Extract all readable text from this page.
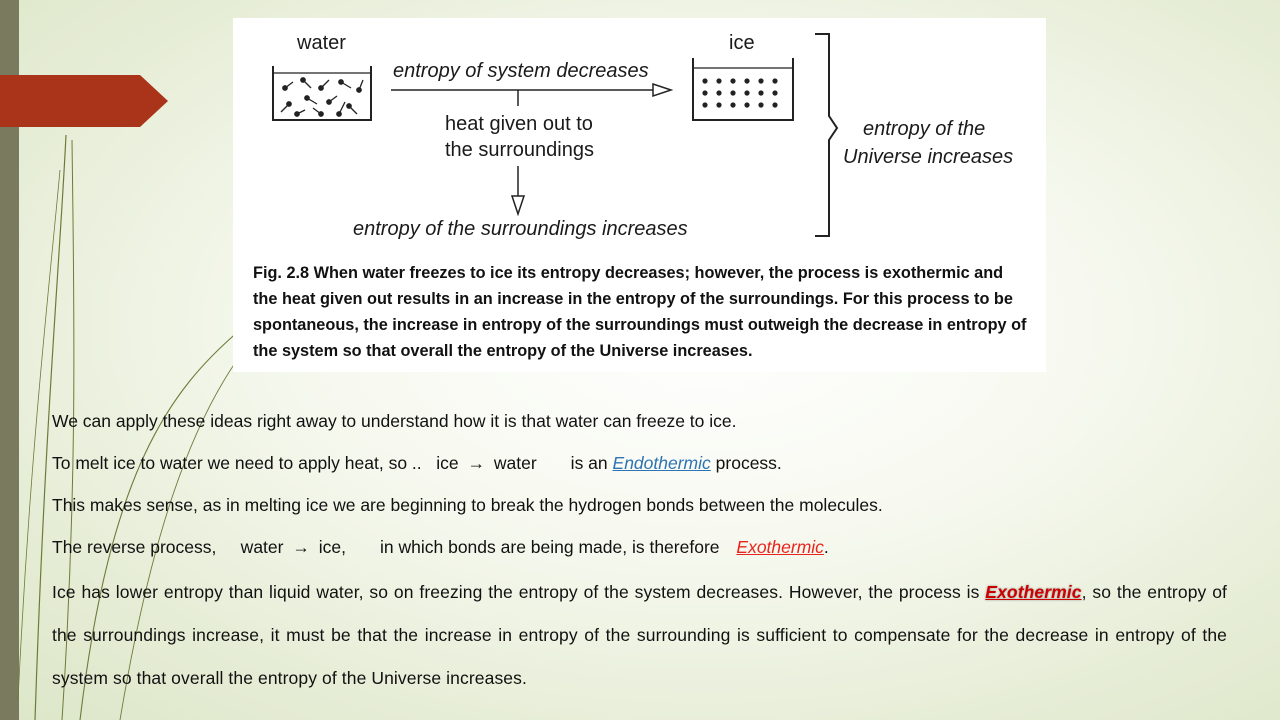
water	ice
entropy of system decreases
heat given out to
the surroundings
entropy of the surroundings increases
entropy of the
Universe increases
Fig. 2.8 When water freezes to ice its entropy decreases; however, the process is exothermic and
the heat given out results in an increase in the entropy of the surroundings. For this process to be
spontaneous, the increase in entropy of the surroundings must outweigh the decrease in entropy of
the system so that overall the entropy of the Universe increases.
We can apply these ideas right away to understand how it is that water can freeze to ice.
To melt ice to water we need to apply heat, so ..   ice → water       is an Endothermic process.
This makes sense, as in melting ice we are beginning to break the hydrogen bonds between the molecules.
The reverse process,     water → ice,       in which bonds are being made, is therefore Exothermic.
Ice has lower entropy than liquid water, so on freezing the entropy of the system decreases. However, the process is Exothermic, so the entropy of the surroundings increase, it must be that the increase in entropy of the surrounding is sufficient to compensate for the decrease in entropy of the system so that overall the entropy of the Universe increases.
